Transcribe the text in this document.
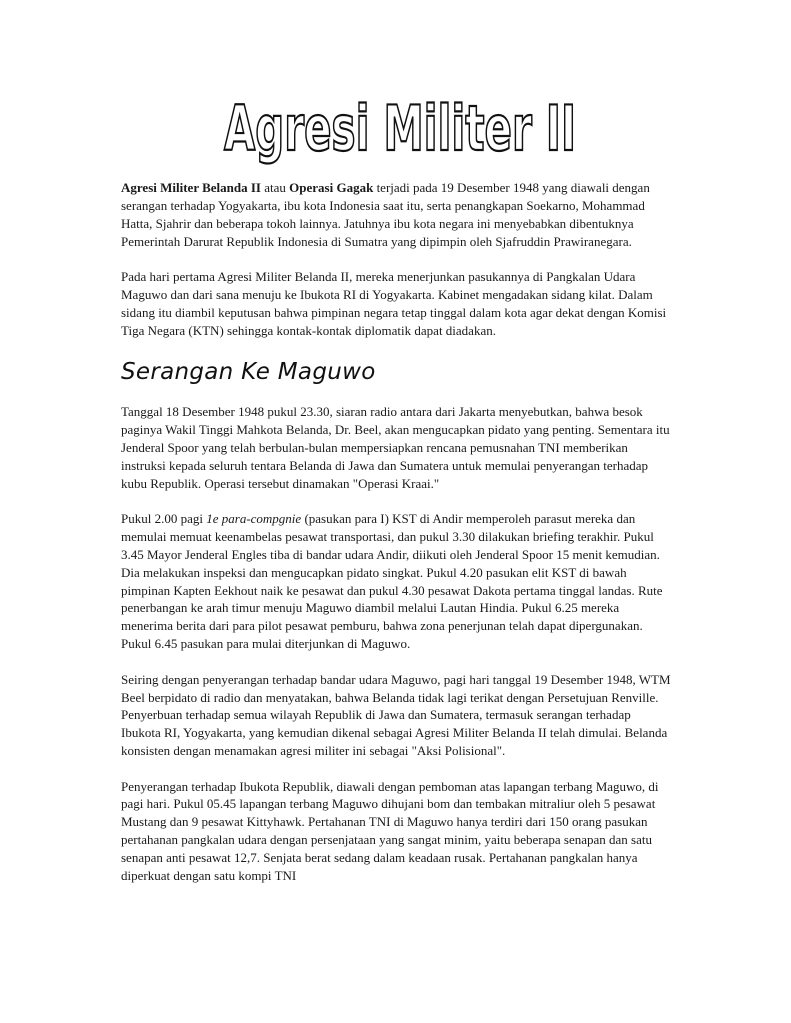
Agresi Militer II

Agresi Militer Belanda II atau Operasi Gagak terjadi pada 19 Desember 1948 yang diawali dengan serangan terhadap Yogyakarta, ibu kota Indonesia saat itu, serta penangkapan Soekarno, Mohammad Hatta, Sjahrir dan beberapa tokoh lainnya. Jatuhnya ibu kota negara ini menyebabkan dibentuknya Pemerintah Darurat Republik Indonesia di Sumatra yang dipimpin oleh Sjafruddin Prawiranegara.

Pada hari pertama Agresi Militer Belanda II, mereka menerjunkan pasukannya di Pangkalan Udara Maguwo dan dari sana menuju ke Ibukota RI di Yogyakarta. Kabinet mengadakan sidang kilat. Dalam sidang itu diambil keputusan bahwa pimpinan negara tetap tinggal dalam kota agar dekat dengan Komisi Tiga Negara (KTN) sehingga kontak-kontak diplomatik dapat diadakan.

Serangan Ke Maguwo

Tanggal 18 Desember 1948 pukul 23.30, siaran radio antara dari Jakarta menyebutkan, bahwa besok paginya Wakil Tinggi Mahkota Belanda, Dr. Beel, akan mengucapkan pidato yang penting. Sementara itu Jenderal Spoor yang telah berbulan-bulan mempersiapkan rencana pemusnahan TNI memberikan instruksi kepada seluruh tentara Belanda di Jawa dan Sumatera untuk memulai penyerangan terhadap kubu Republik. Operasi tersebut dinamakan "Operasi Kraai."

Pukul 2.00 pagi 1e para-compgnie (pasukan para I) KST di Andir memperoleh parasut mereka dan memulai memuat keenambelas pesawat transportasi, dan pukul 3.30 dilakukan briefing terakhir. Pukul 3.45 Mayor Jenderal Engles tiba di bandar udara Andir, diikuti oleh Jenderal Spoor 15 menit kemudian. Dia melakukan inspeksi dan mengucapkan pidato singkat. Pukul 4.20 pasukan elit KST di bawah pimpinan Kapten Eekhout naik ke pesawat dan pukul 4.30 pesawat Dakota pertama tinggal landas. Rute penerbangan ke arah timur menuju Maguwo diambil melalui Lautan Hindia. Pukul 6.25 mereka menerima berita dari para pilot pesawat pemburu, bahwa zona penerjunan telah dapat dipergunakan. Pukul 6.45 pasukan para mulai diterjunkan di Maguwo.

Seiring dengan penyerangan terhadap bandar udara Maguwo, pagi hari tanggal 19 Desember 1948, WTM Beel berpidato di radio dan menyatakan, bahwa Belanda tidak lagi terikat dengan Persetujuan Renville. Penyerbuan terhadap semua wilayah Republik di Jawa dan Sumatera, termasuk serangan terhadap Ibukota RI, Yogyakarta, yang kemudian dikenal sebagai Agresi Militer Belanda II telah dimulai. Belanda konsisten dengan menamakan agresi militer ini sebagai "Aksi Polisional".

Penyerangan terhadap Ibukota Republik, diawali dengan pemboman atas lapangan terbang Maguwo, di pagi hari. Pukul 05.45 lapangan terbang Maguwo dihujani bom dan tembakan mitraliur oleh 5 pesawat Mustang dan 9 pesawat Kittyhawk. Pertahanan TNI di Maguwo hanya terdiri dari 150 orang pasukan pertahanan pangkalan udara dengan persenjataan yang sangat minim, yaitu beberapa senapan dan satu senapan anti pesawat 12,7. Senjata berat sedang dalam keadaan rusak. Pertahanan pangkalan hanya diperkuat dengan satu kompi TNI
